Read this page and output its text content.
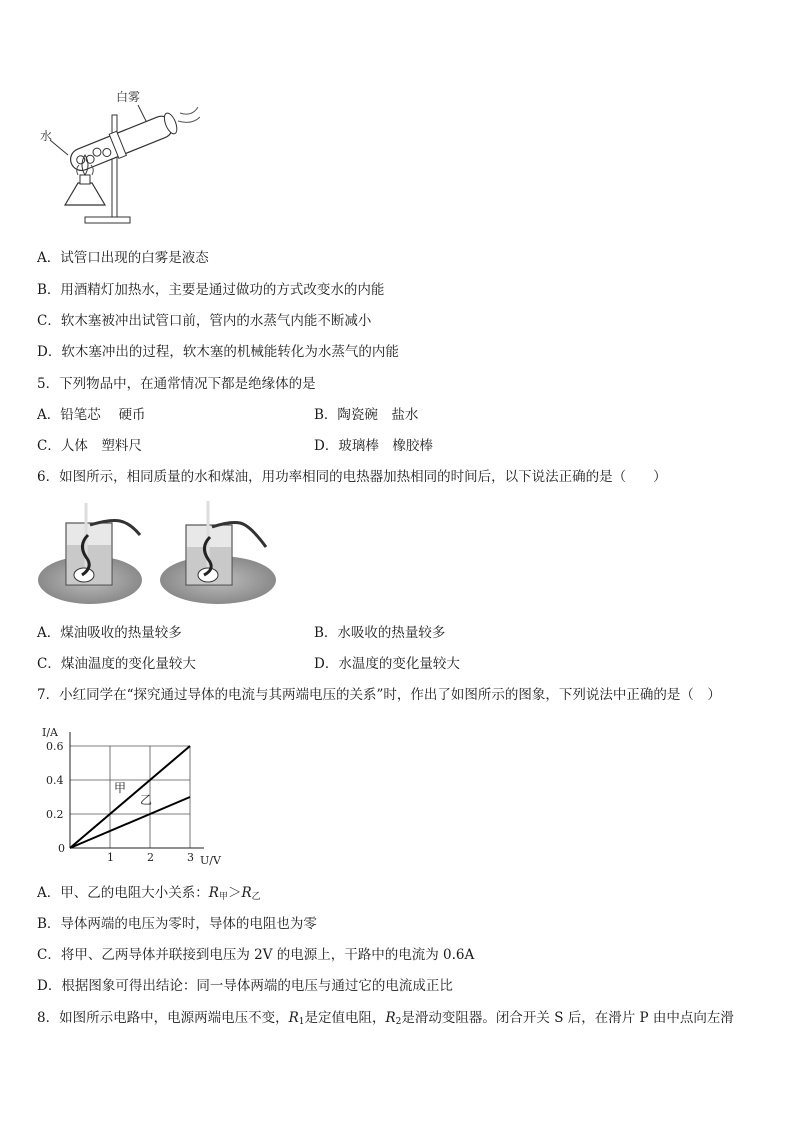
白雾
水
A．试管口出现的白雾是液态
B．用酒精灯加热水，主要是通过做功的方式改变水的内能
C．软木塞被冲出试管口前，管内的水蒸气内能不断减小
D．软木塞冲出的过程，软木塞的机械能转化为水蒸气的内能
5．下列物品中，在通常情况下都是绝缘体的是
A．铅笔芯　 硬币	B．陶瓷碗　盐水
C．人体　塑料尺	D．玻璃棒　橡胶棒
6．如图所示，相同质量的水和煤油，用功率相同的电热器加热相同的时间后，以下说法正确的是（　　）
A．煤油吸收的热量较多	B．水吸收的热量较多
C．煤油温度的变化量较大	D．水温度的变化量较大
7．小红同学在“探究通过导体的电流与其两端电压的关系”时，作出了如图所示的图象，下列说法中正确的是（　）
U/V
I/A
1	2	3
0.2
0.4
0.6
0
甲
乙
A．甲、乙的电阻大小关系：$R_甲>R_乙$
B．导体两端的电压为零时，导体的电阻也为零
C．将甲、乙两导体并联接到电压为 2V 的电源上，干路中的电流为 0.6A
D．根据图象可得出结论：同一导体两端的电压与通过它的电流成正比
8．如图所示电路中，电源两端电压不变，$R_1$是定值电阻，$R_2$是滑动变阻器。闭合开关 S 后，在滑片 P 由中点向左滑
